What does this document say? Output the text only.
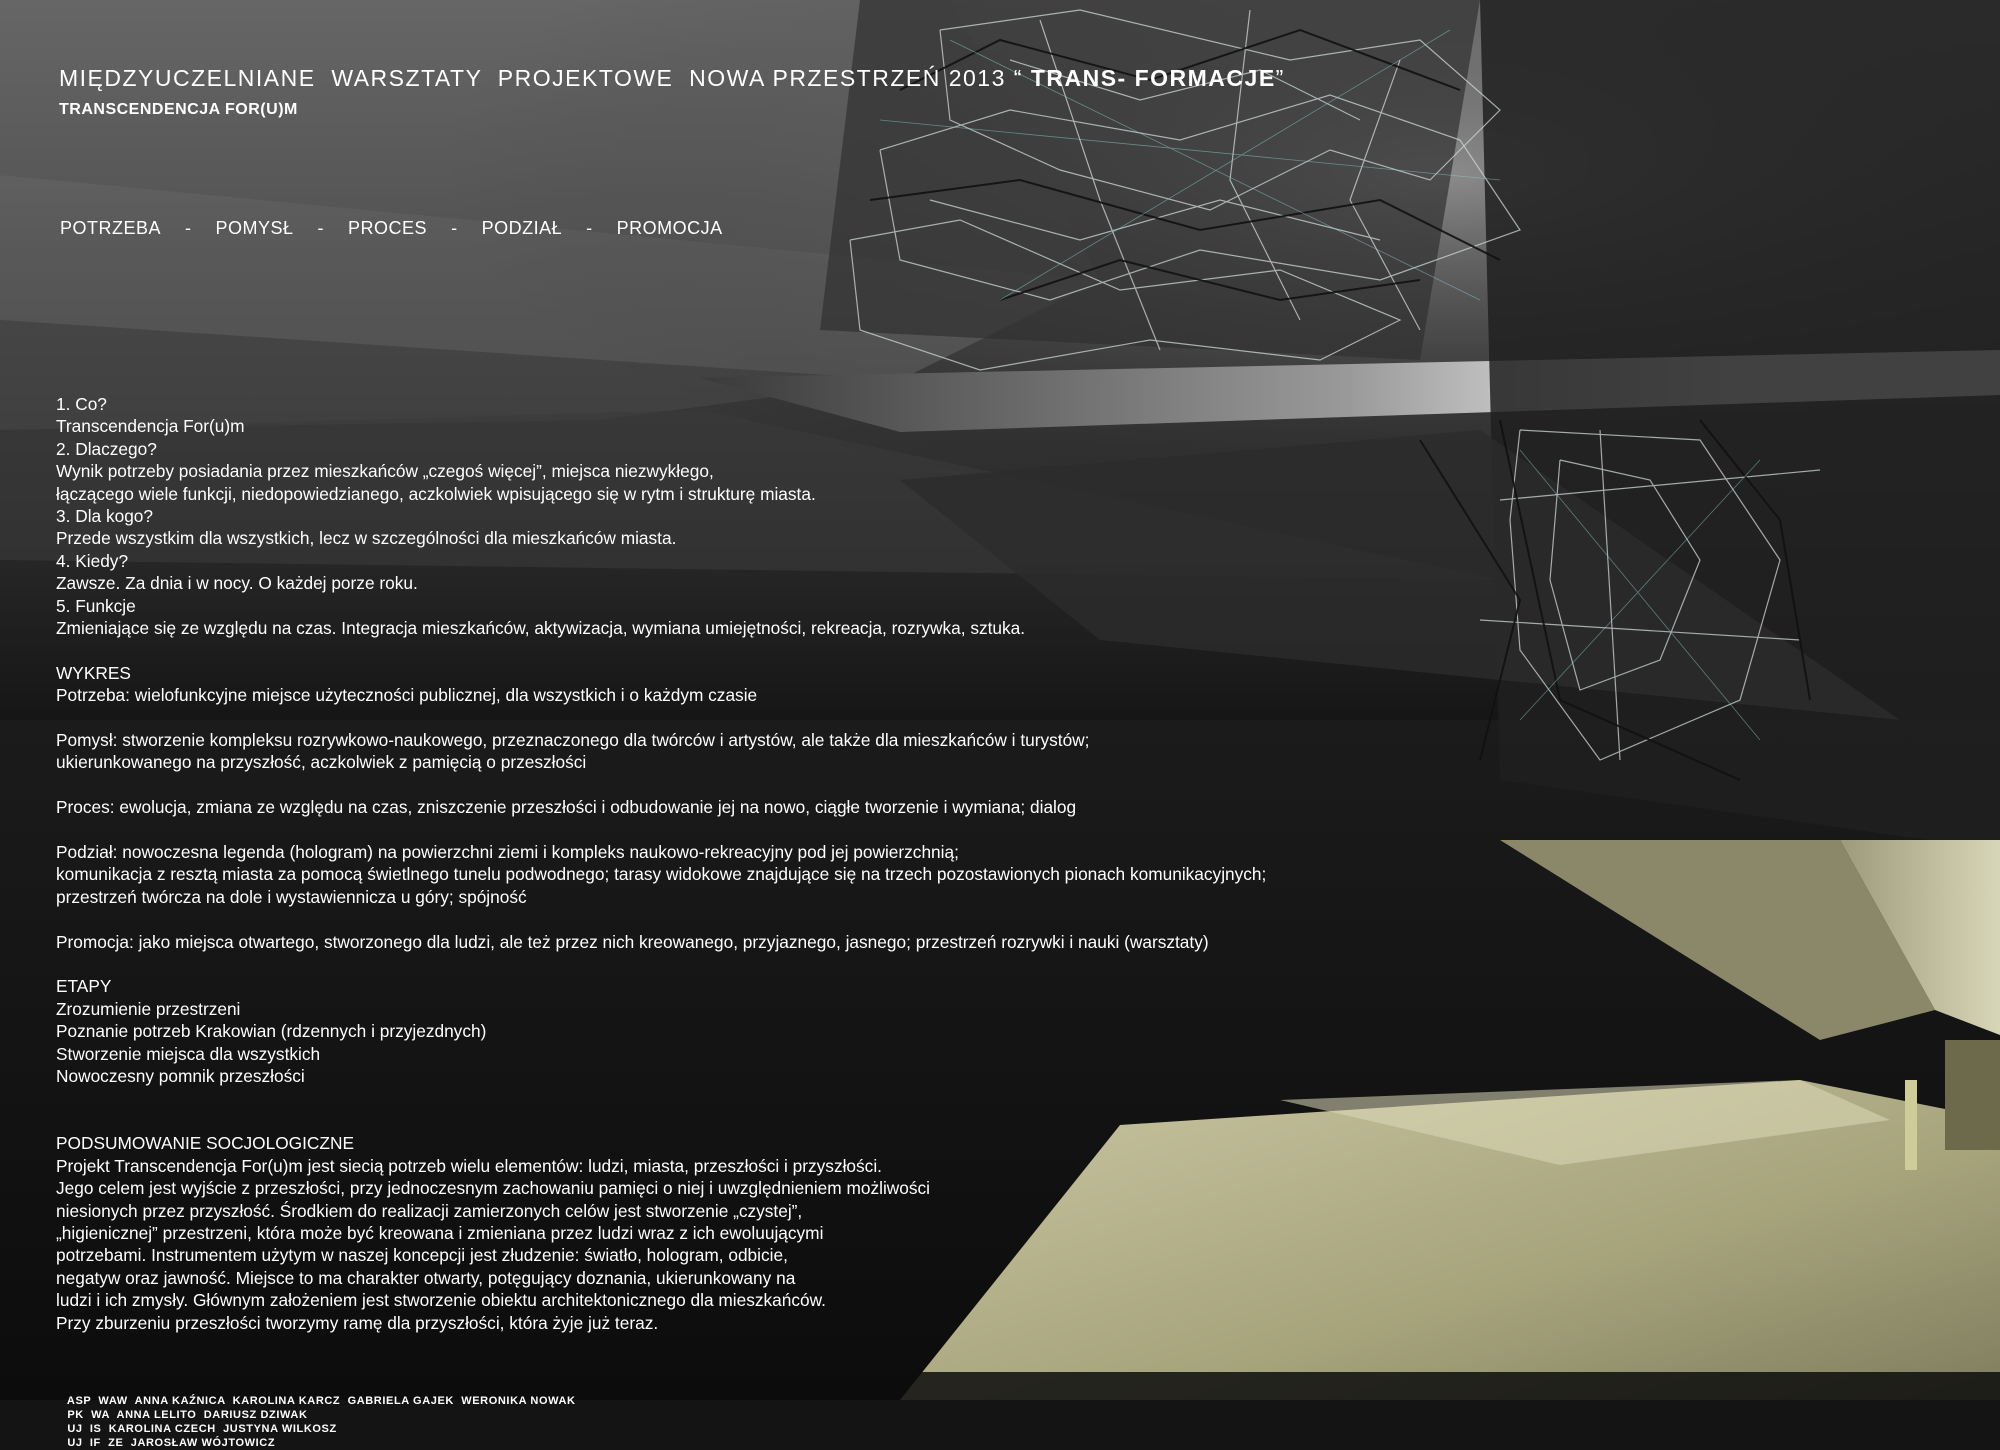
MIĘDZYUCZELNIANE  WARSZTATY  PROJEKTOWE  NOWA PRZESTRZEŃ 2013 “ TRANS- FORMACJE”
TRANSCENDENCJA FOR(U)M
POTRZEBA - POMYSŁ - PROCES - PODZIAŁ - PROMOCJA
1. Co?
Transcendencja For(u)m
2. Dlaczego?
Wynik potrzeby posiadania przez mieszkańców „czegoś więcej”, miejsca niezwykłego,
łączącego wiele funkcji, niedopowiedzianego, aczkolwiek wpisującego się w rytm i strukturę miasta.
3. Dla kogo?
Przede wszystkim dla wszystkich, lecz w szczególności dla mieszkańców miasta.
4. Kiedy?
Zawsze. Za dnia i w nocy. O każdej porze roku.
5. Funkcje
Zmieniające się ze względu na czas. Integracja mieszkańców, aktywizacja, wymiana umiejętności, rekreacja, rozrywka, sztuka.
WYKRES
Potrzeba: wielofunkcyjne miejsce użyteczności publicznej, dla wszystkich i o każdym czasie
Pomysł: stworzenie kompleksu rozrywkowo-naukowego, przeznaczonego dla twórców i artystów, ale także dla mieszkańców i turystów;
ukierunkowanego na przyszłość, aczkolwiek z pamięcią o przeszłości
Proces: ewolucja, zmiana ze względu na czas, zniszczenie przeszłości i odbudowanie jej na nowo, ciągłe tworzenie i wymiana; dialog
Podział: nowoczesna legenda (hologram) na powierzchni ziemi i kompleks naukowo-rekreacyjny pod jej powierzchnią;
komunikacja z resztą miasta za pomocą świetlnego tunelu podwodnego; tarasy widokowe znajdujące się na trzech pozostawionych pionach komunikacyjnych;
przestrzeń twórcza na dole i wystawiennicza u góry; spójność
Promocja: jako miejsca otwartego, stworzonego dla ludzi, ale też przez nich kreowanego, przyjaznego, jasnego; przestrzeń rozrywki i nauki (warsztaty)
ETAPY
Zrozumienie przestrzeni
Poznanie potrzeb Krakowian (rdzennych i przyjezdnych)
Stworzenie miejsca dla wszystkich
Nowoczesny pomnik przeszłości
PODSUMOWANIE SOCJOLOGICZNE
Projekt Transcendencja For(u)m jest siecią potrzeb wielu elementów: ludzi, miasta, przeszłości i przyszłości.
Jego celem jest wyjście z przeszłości, przy jednoczesnym zachowaniu pamięci o niej i uwzględnieniem możliwości
niesionych przez przyszłość. Środkiem do realizacji zamierzonych celów jest stworzenie „czystej”,
„higienicznej” przestrzeni, która może być kreowana i zmieniana przez ludzi wraz z ich ewoluującymi
potrzebami. Instrumentem użytym w naszej koncepcji jest złudzenie: światło, hologram, odbicie,
negatyw oraz jawność. Miejsce to ma charakter otwarty, potęgujący doznania, ukierunkowany na
ludzi i ich zmysły. Głównym założeniem jest stworzenie obiektu architektonicznego dla mieszkańców.
Przy zburzeniu przeszłości tworzymy ramę dla przyszłości, która żyje już teraz.

ASP  WAW  ANNA KAŹNICA  KAROLINA KARCZ  GABRIELA GAJEK  WERONIKA NOWAK
PK  WA  ANNA LELITO  DARIUSZ DZIWAK
UJ  IS  KAROLINA CZECH  JUSTYNA WILKOSZ
UJ  IF  ZE  JAROSŁAW WÓJTOWICZ
